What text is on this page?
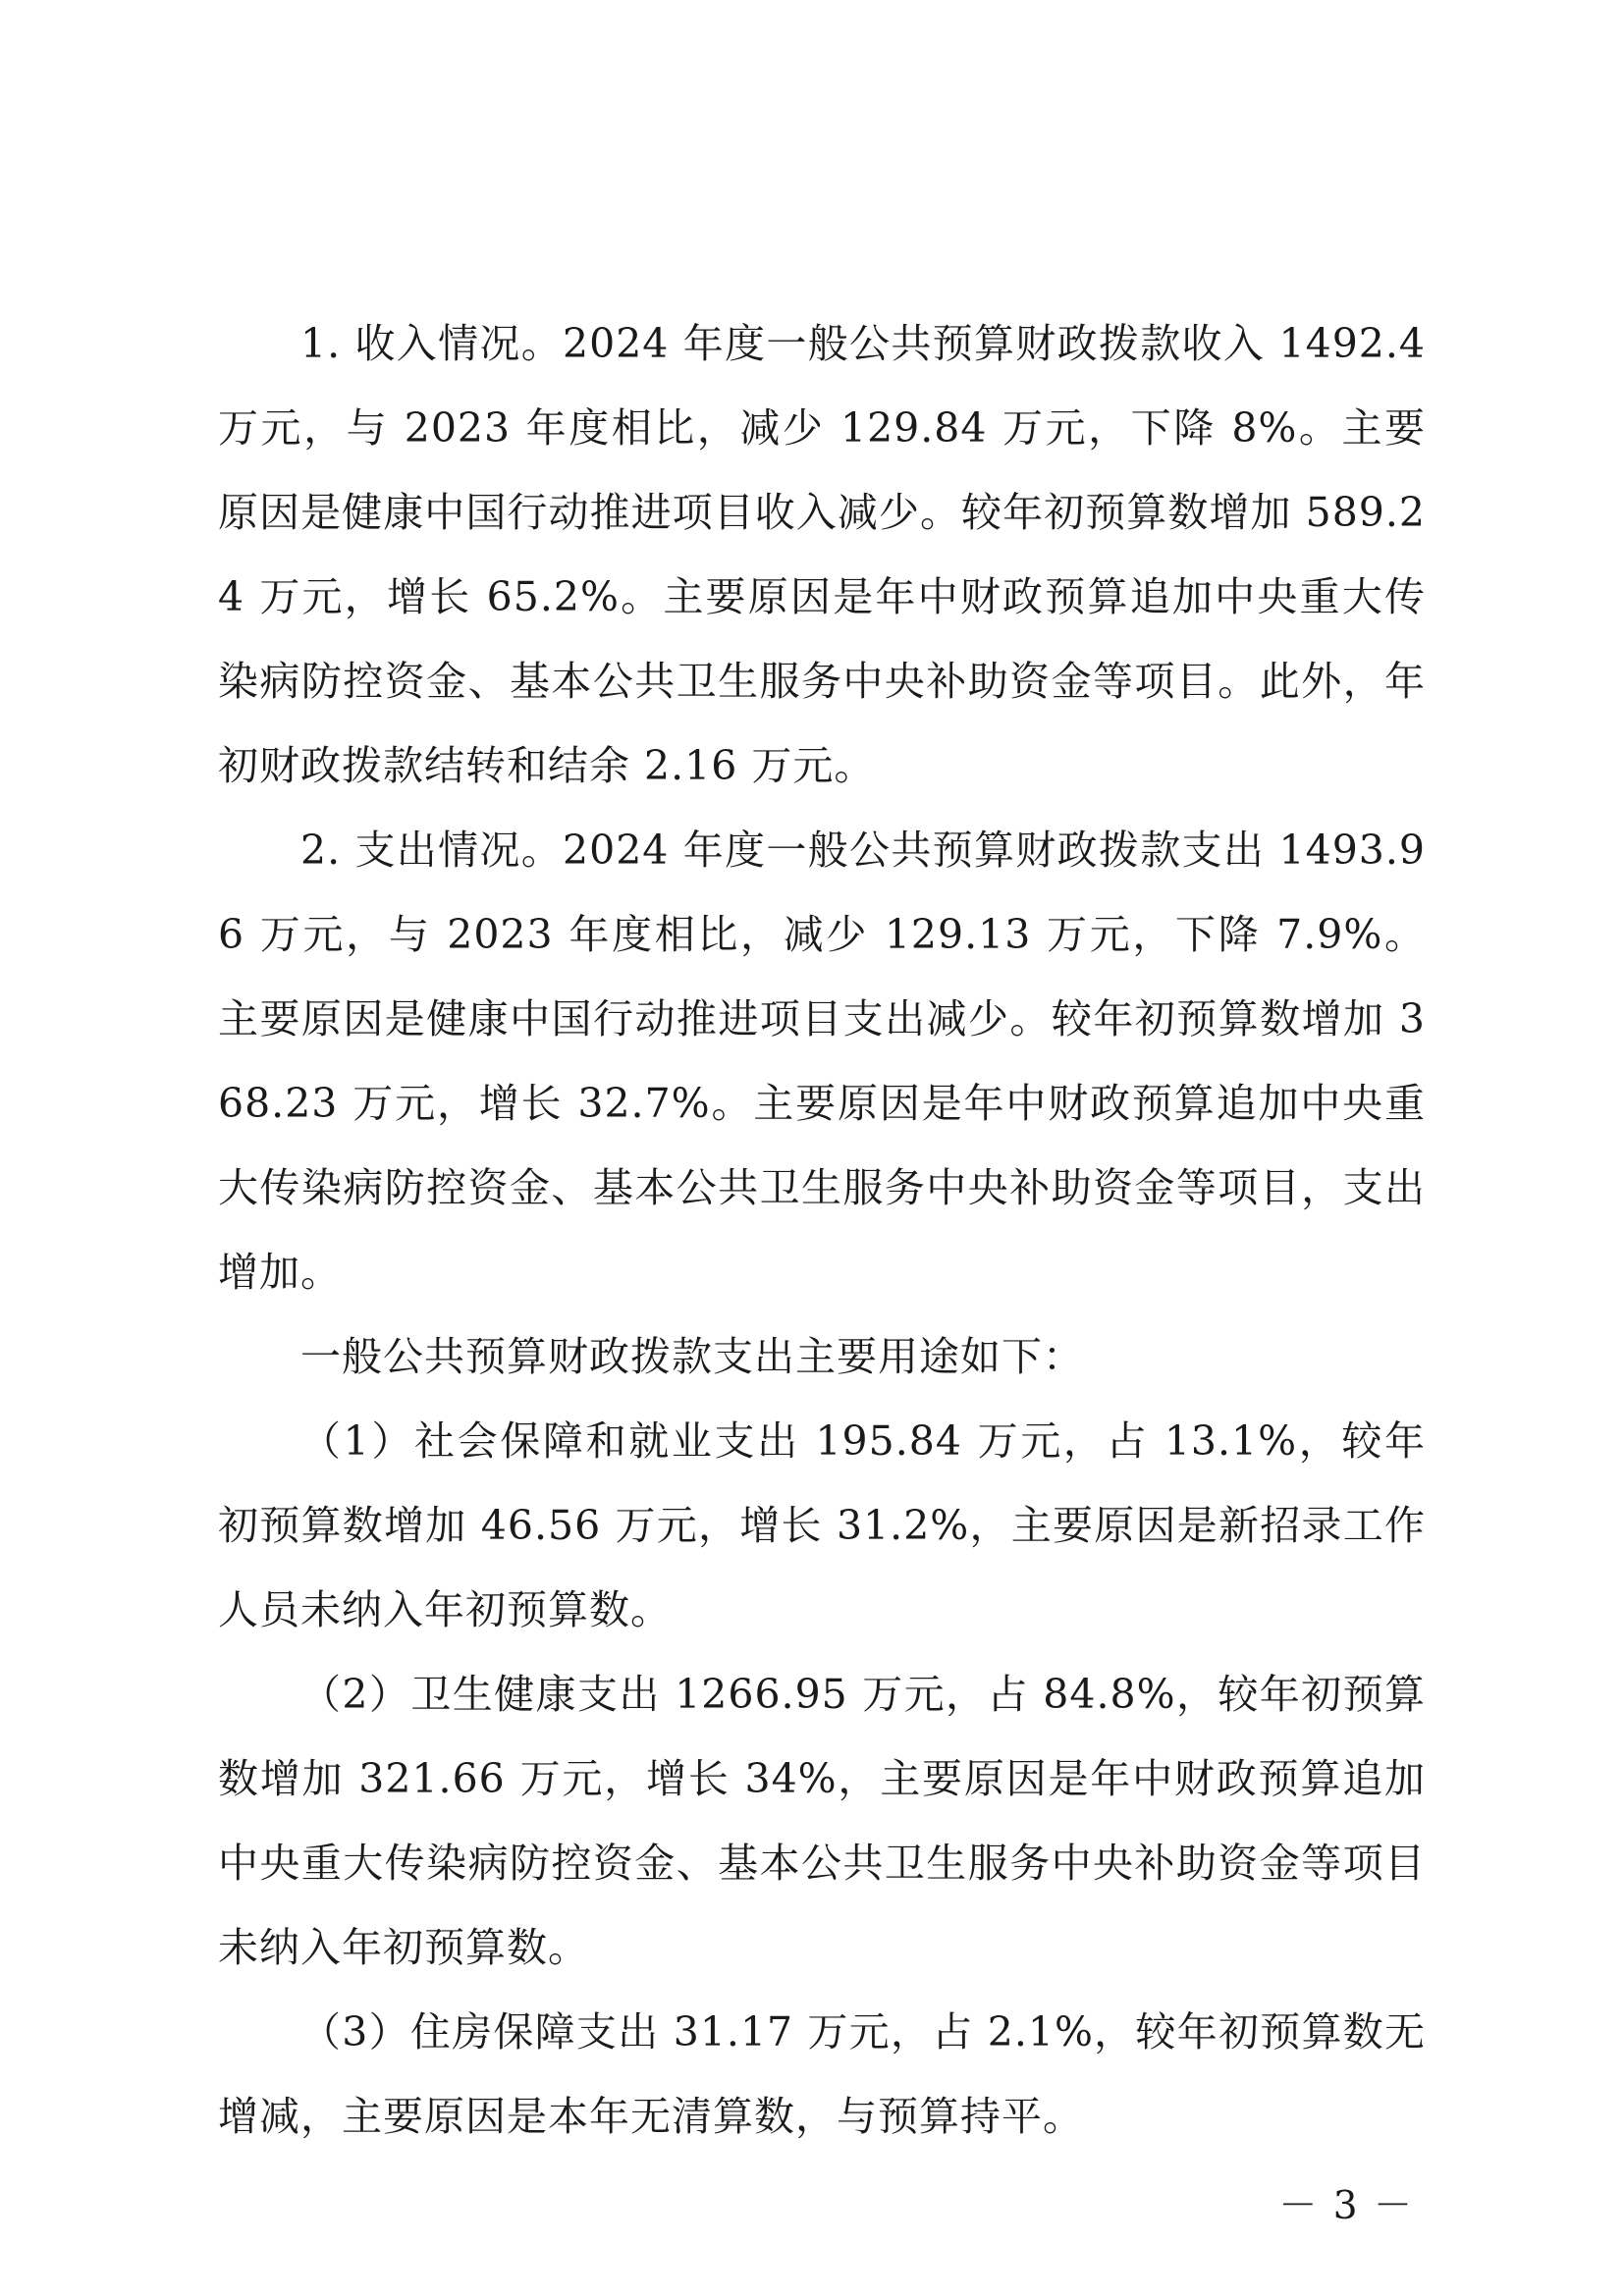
1. 收入情况。2024 年度一般公共预算财政拨款收入 1492.4 万元，与 2023 年度相比，减少 129.84 万元，下降 8%。主要原因是健康中国行动推进项目收入减少。较年初预算数增加 589.24 万元，增长 65.2%。主要原因是年中财政预算追加中央重大传染病防控资金、基本公共卫生服务中央补助资金等项目。此外，年初财政拨款结转和结余 2.16 万元。

2. 支出情况。2024 年度一般公共预算财政拨款支出 1493.96 万元，与 2023 年度相比，减少 129.13 万元，下降 7.9%。主要原因是健康中国行动推进项目支出减少。较年初预算数增加 368.23 万元，增长 32.7%。主要原因是年中财政预算追加中央重大传染病防控资金、基本公共卫生服务中央补助资金等项目，支出增加。

一般公共预算财政拨款支出主要用途如下：

（1）社会保障和就业支出 195.84 万元，占 13.1%，较年初预算数增加 46.56 万元，增长 31.2%，主要原因是新招录工作人员未纳入年初预算数。

（2）卫生健康支出 1266.95 万元，占 84.8%，较年初预算数增加 321.66 万元，增长 34%，主要原因是年中财政预算追加中央重大传染病防控资金、基本公共卫生服务中央补助资金等项目未纳入年初预算数。

（3）住房保障支出 31.17 万元，占 2.1%，较年初预算数无增减，主要原因是本年无清算数，与预算持平。

－ 3 －
